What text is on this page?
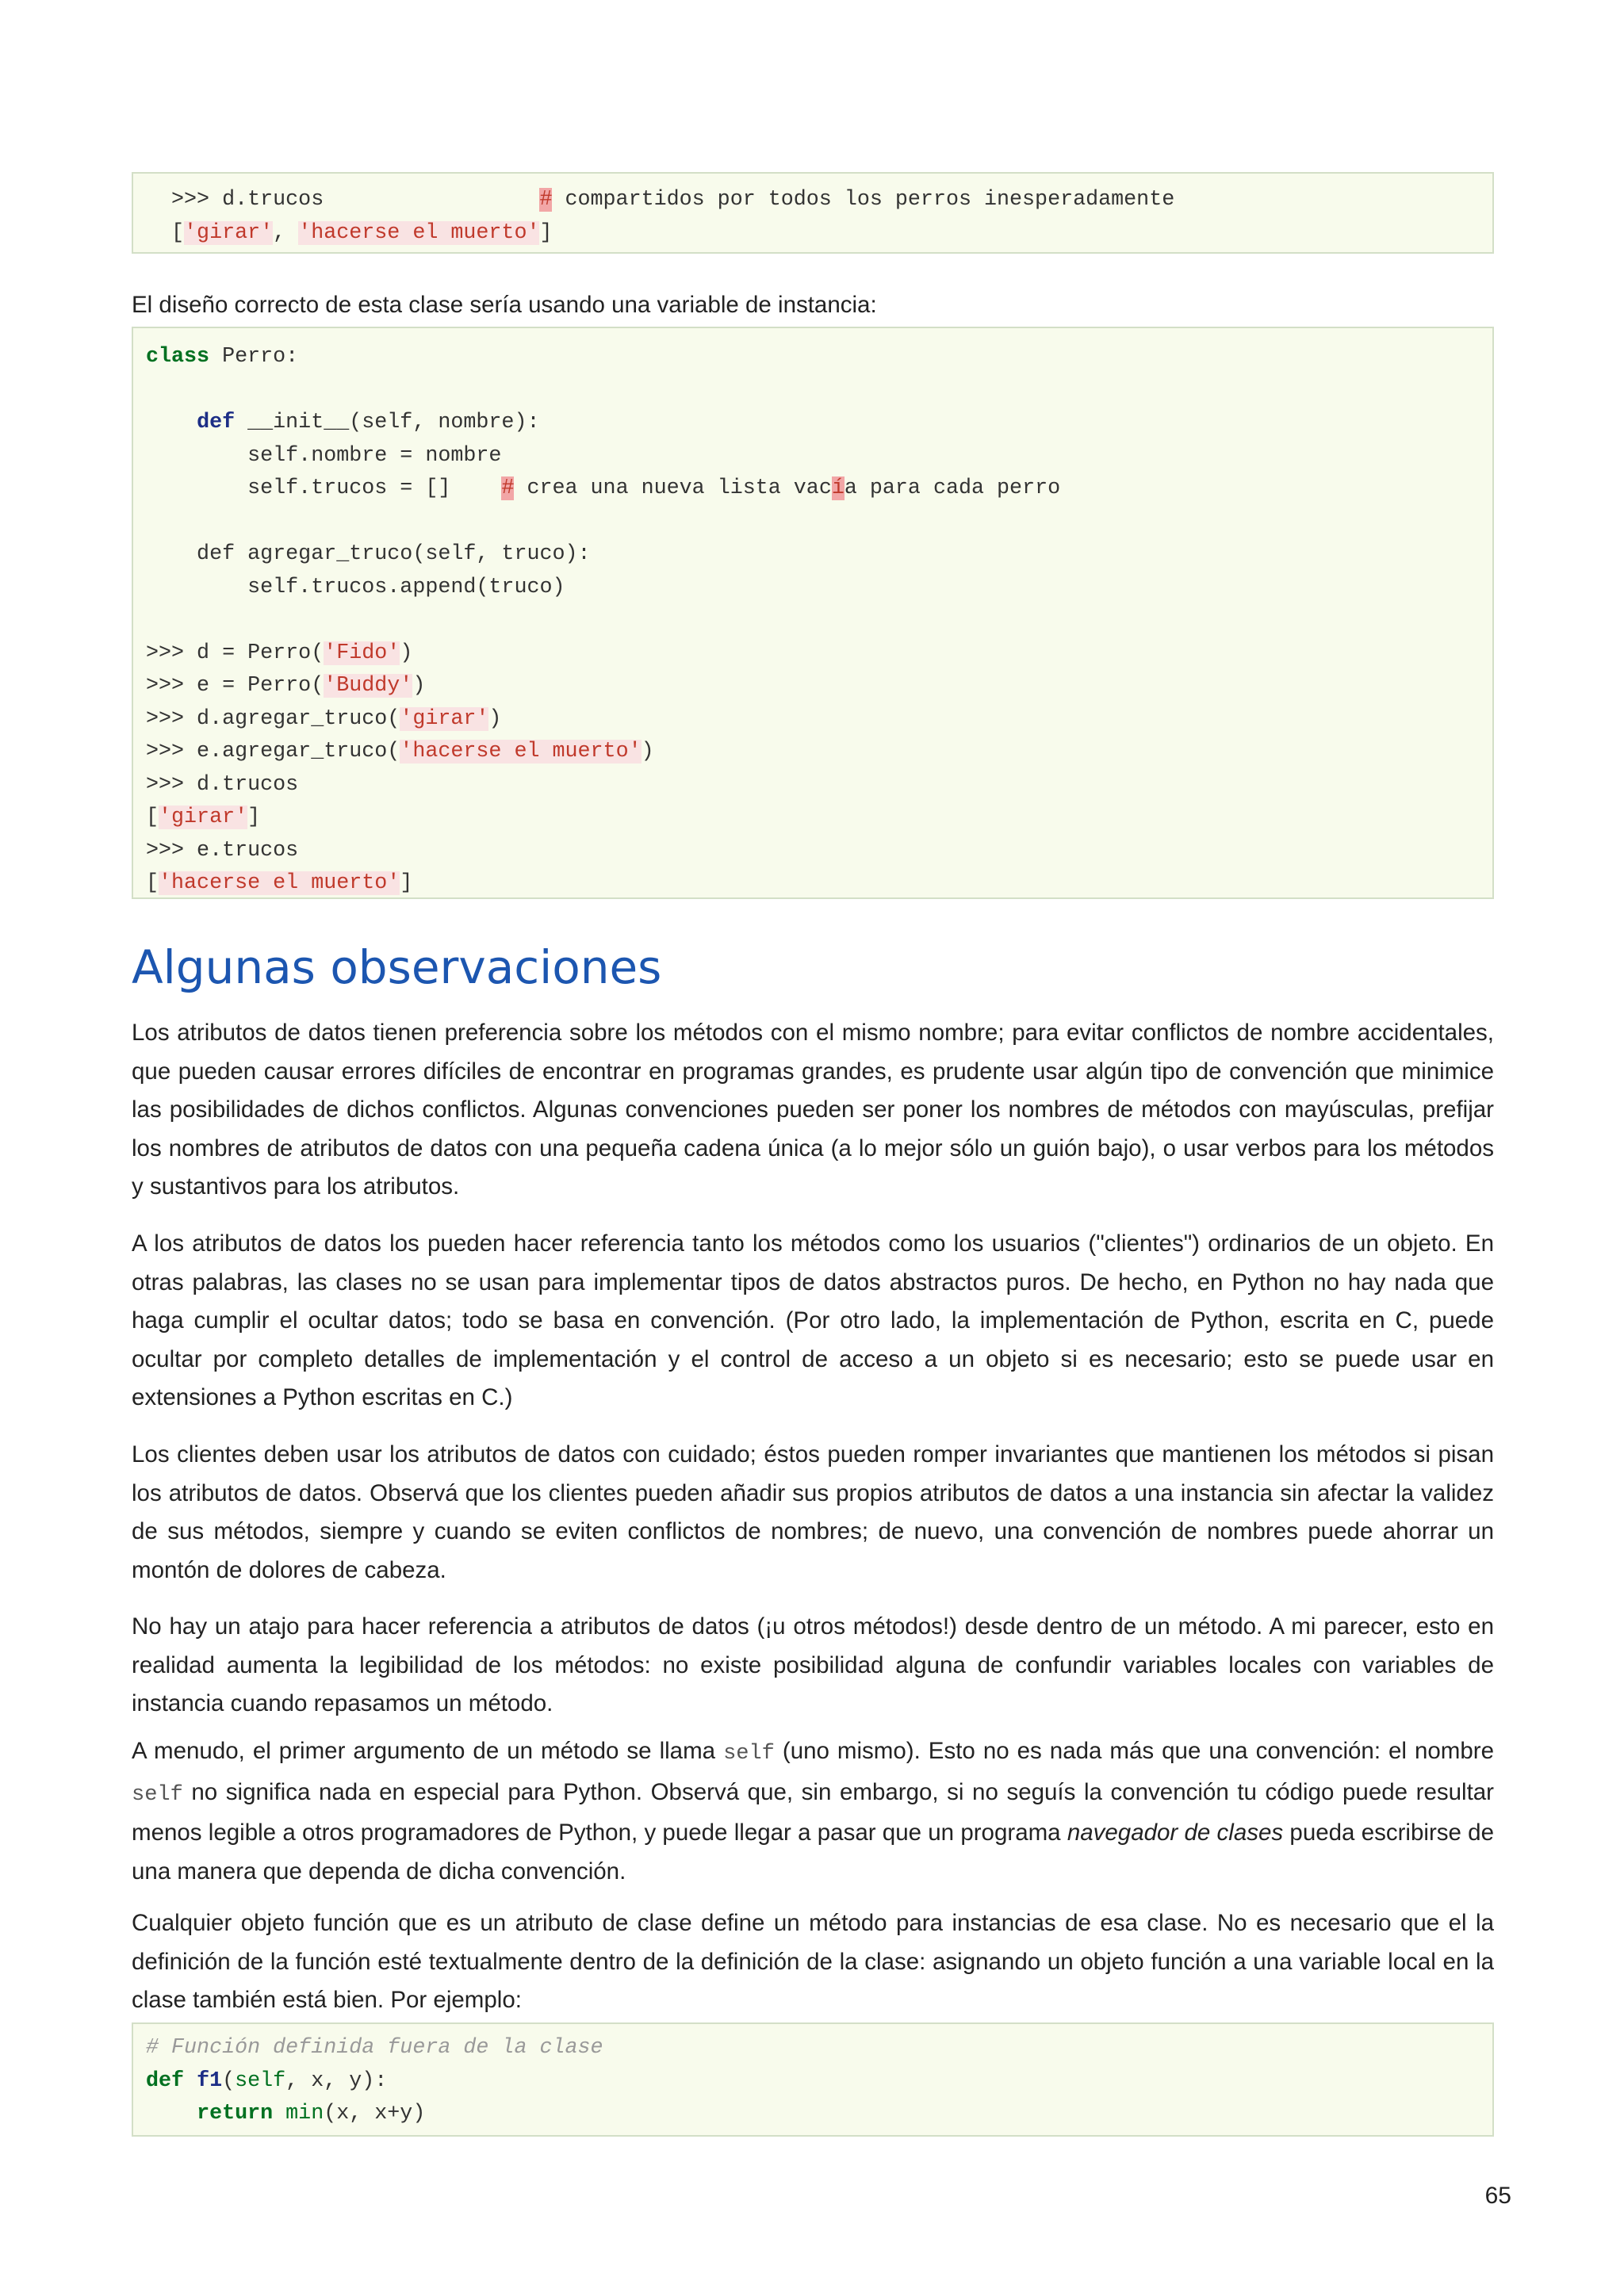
>>> d.trucos                 # compartidos por todos los perros inesperadamente
['girar', 'hacerse el muerto']
El diseño correcto de esta clase sería usando una variable de instancia:
class Perro:
def __init__(self, nombre):
self.nombre = nombre
self.trucos = []    # crea una nueva lista vacía para cada perro
def agregar_truco(self, truco):
self.trucos.append(truco)
>>> d = Perro('Fido')
>>> e = Perro('Buddy')
>>> d.agregar_truco('girar')
>>> e.agregar_truco('hacerse el muerto')
>>> d.trucos
['girar']
>>> e.trucos
['hacerse el muerto']
Algunas observaciones
Los atributos de datos tienen preferencia sobre los métodos con el mismo nombre; para evitar conflictos de nombre accidentales, que pueden causar errores difíciles de encontrar en programas grandes, es prudente usar algún tipo de convención que minimice las posibilidades de dichos conflictos. Algunas convenciones pueden ser poner los nombres de métodos con mayúsculas, prefijar los nombres de atributos de datos con una pequeña cadena única (a lo mejor sólo un guión bajo), o usar verbos para los métodos y sustantivos para los atributos.
A los atributos de datos los pueden hacer referencia tanto los métodos como los usuarios ("clientes") ordinarios de un objeto. En otras palabras, las clases no se usan para implementar tipos de datos abstractos puros. De hecho, en Python no hay nada que haga cumplir el ocultar datos; todo se basa en convención. (Por otro lado, la implementación de Python, escrita en C, puede ocultar por completo detalles de implementación y el control de acceso a un objeto si es necesario; esto se puede usar en extensiones a Python escritas en C.)
Los clientes deben usar los atributos de datos con cuidado; éstos pueden romper invariantes que mantienen los métodos si pisan los atributos de datos. Observá que los clientes pueden añadir sus propios atributos de datos a una instancia sin afectar la validez de sus métodos, siempre y cuando se eviten conflictos de nombres; de nuevo, una convención de nombres puede ahorrar un montón de dolores de cabeza.
No hay un atajo para hacer referencia a atributos de datos (¡u otros métodos!) desde dentro de un método. A mi parecer, esto en realidad aumenta la legibilidad de los métodos: no existe posibilidad alguna de confundir variables locales con variables de instancia cuando repasamos un método.
A menudo, el primer argumento de un método se llama self (uno mismo). Esto no es nada más que una convención: el nombre self no significa nada en especial para Python. Observá que, sin embargo, si no seguís la convención tu código puede resultar menos legible a otros programadores de Python, y puede llegar a pasar que un programa navegador de clases pueda escribirse de una manera que dependa de dicha convención.
Cualquier objeto función que es un atributo de clase define un método para instancias de esa clase. No es necesario que el la definición de la función esté textualmente dentro de la definición de la clase: asignando un objeto función a una variable local en la clase también está bien. Por ejemplo:
# Función definida fuera de la clase
def f1(self, x, y):
return min(x, x+y)
65
